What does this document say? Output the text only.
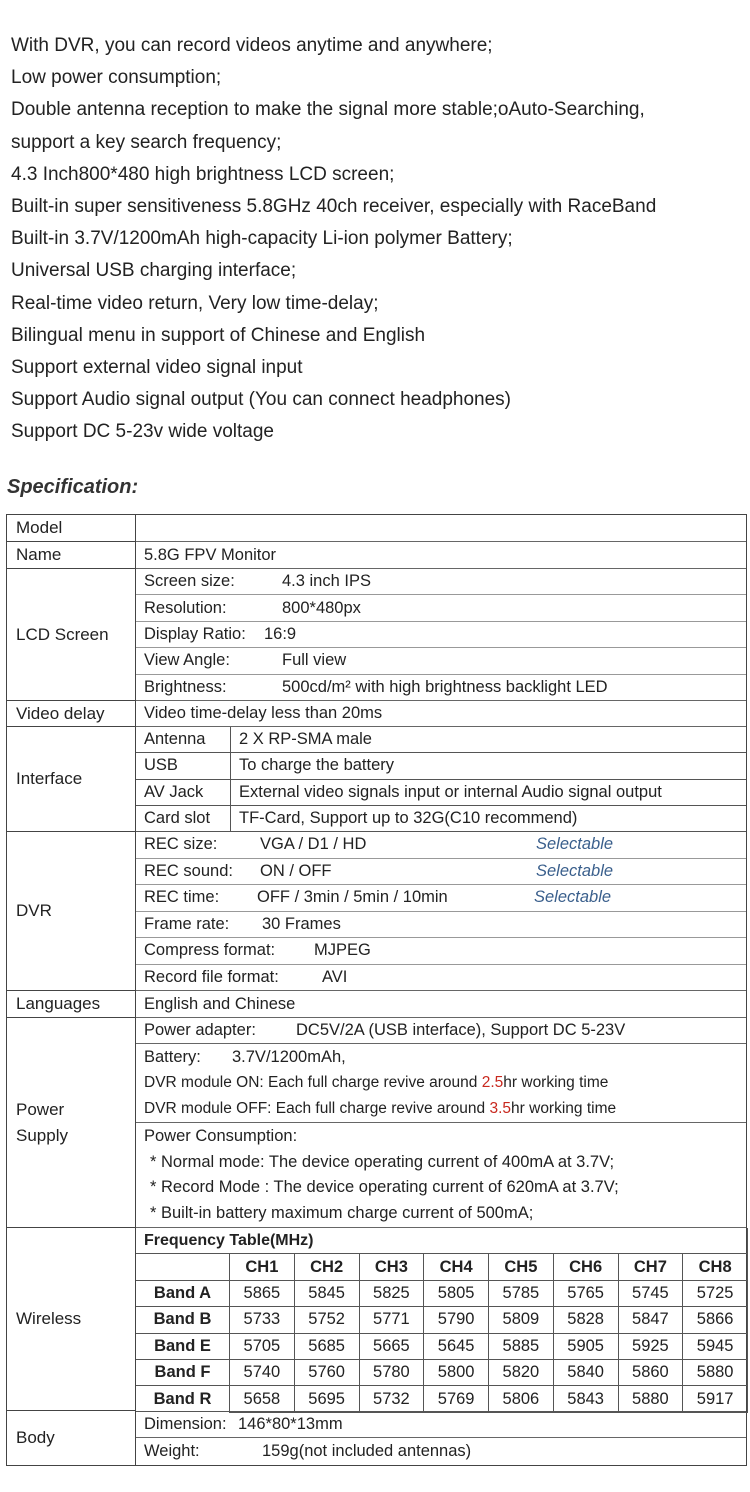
With DVR, you can record videos anytime and anywhere;
Low power consumption;
Double antenna reception to make the signal more stable;oAuto-Searching,
support a key search frequency;
4.3 Inch800*480 high brightness LCD screen;
Built-in super sensitiveness 5.8GHz 40ch receiver, especially with RaceBand
Built-in 3.7V/1200mAh high-capacity Li-ion polymer Battery;
Universal USB charging interface;
Real-time video return, Very low time-delay;
Bilingual menu in support of Chinese and English
Support external video signal input
Support Audio signal output (You can connect headphones)
Support DC 5-23v wide voltage
Specification:
Model
Name	5.8G FPV Monitor
LCD Screen
Screen size:	4.3 inch IPS
Resolution:	800*480px
Display Ratio:	16:9
View Angle:	Full view
Brightness:	500cd/m² with high brightness backlight LED
Video delay	Video time-delay less than 20ms
Interface
Antenna	2 X RP-SMA male
USB	To charge the battery
AV Jack	External video signals input or internal Audio signal output
Card slot	TF-Card, Support up to 32G(C10 recommend)
DVR
REC size:	VGA / D1 / HD	Selectable
REC sound:	ON / OFF	Selectable
REC time:	OFF / 3min / 5min / 10min	Selectable
Frame rate:	30 Frames
Compress format:	MJPEG
Record file format:	AVI
Languages	English and Chinese
Power
Supply
Power adapter:	DC5V/2A (USB interface), Support DC 5-23V
Battery: 3.7V/1200mAh,
DVR module ON: Each full charge revive around 2.5hr working time
DVR module OFF: Each full charge revive around 3.5hr working time
Power Consumption:
* Normal mode: The device operating current of 400mA at 3.7V;
* Record Mode : The device operating current of 620mA at 3.7V;
* Built-in battery maximum charge current of 500mA;
Wireless
Frequency Table(MHz)								
	CH1	CH2	CH3	CH4	CH5	CH6	CH7	CH8
Band A	5865	5845	5825	5805	5785	5765	5745	5725
Band B	5733	5752	5771	5790	5809	5828	5847	5866
Band E	5705	5685	5665	5645	5885	5905	5925	5945
Band F	5740	5760	5780	5800	5820	5840	5860	5880
Band R	5658	5695	5732	5769	5806	5843	5880	5917
Body
Dimension: 146*80*13mm
Weight:	159g(not included antennas)
